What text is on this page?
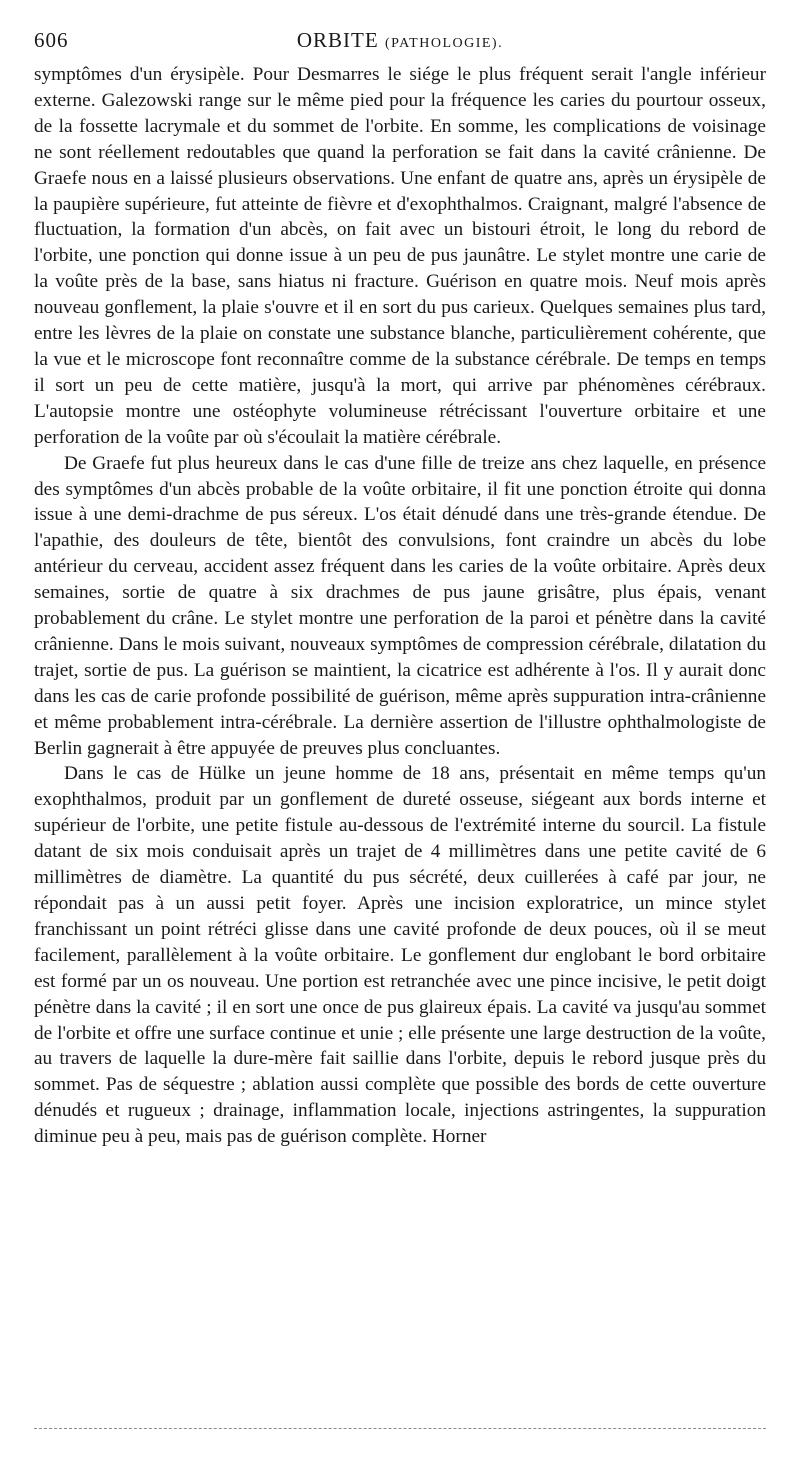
606	ORBITE (PATHOLOGIE).

symptômes d'un érysipèle. Pour Desmarres le siége le plus fréquent serait l'angle inférieur externe. Galezowski range sur le même pied pour la fréquence les caries du pourtour osseux, de la fossette lacrymale et du sommet de l'orbite. En somme, les complications de voisinage ne sont réellement redoutables que quand la perforation se fait dans la cavité crânienne. De Graefe nous en a laissé plusieurs observations. Une enfant de quatre ans, après un érysipèle de la paupière supérieure, fut atteinte de fièvre et d'exophthalmos. Craignant, malgré l'absence de fluctuation, la formation d'un abcès, on fait avec un bistouri étroit, le long du rebord de l'orbite, une ponction qui donne issue à un peu de pus jaunâtre. Le stylet montre une carie de la voûte près de la base, sans hiatus ni fracture. Guérison en quatre mois. Neuf mois après nouveau gonflement, la plaie s'ouvre et il en sort du pus carieux. Quelques semaines plus tard, entre les lèvres de la plaie on constate une substance blanche, particulièrement cohérente, que la vue et le microscope font reconnaître comme de la substance cérébrale. De temps en temps il sort un peu de cette matière, jusqu'à la mort, qui arrive par phénomènes cérébraux. L'autopsie montre une ostéophyte volumineuse rétrécissant l'ouverture orbitaire et une perforation de la voûte par où s'écoulait la matière cérébrale.

De Graefe fut plus heureux dans le cas d'une fille de treize ans chez laquelle, en présence des symptômes d'un abcès probable de la voûte orbitaire, il fit une ponction étroite qui donna issue à une demi-drachme de pus séreux. L'os était dénudé dans une très-grande étendue. De l'apathie, des douleurs de tête, bientôt des convulsions, font craindre un abcès du lobe antérieur du cerveau, accident assez fréquent dans les caries de la voûte orbitaire. Après deux semaines, sortie de quatre à six drachmes de pus jaune grisâtre, plus épais, venant probablement du crâne. Le stylet montre une perforation de la paroi et pénètre dans la cavité crânienne. Dans le mois suivant, nouveaux symptômes de compression cérébrale, dilatation du trajet, sortie de pus. La guérison se maintient, la cicatrice est adhérente à l'os. Il y aurait donc dans les cas de carie profonde possibilité de guérison, même après suppuration intra-crânienne et même probablement intra-cérébrale. La dernière assertion de l'illustre ophthalmologiste de Berlin gagnerait à être appuyée de preuves plus concluantes.

Dans le cas de Hülke un jeune homme de 18 ans, présentait en même temps qu'un exophthalmos, produit par un gonflement de dureté osseuse, siégeant aux bords interne et supérieur de l'orbite, une petite fistule au-dessous de l'extrémité interne du sourcil. La fistule datant de six mois conduisait après un trajet de 4 millimètres dans une petite cavité de 6 millimètres de diamètre. La quantité du pus sécrété, deux cuillerées à café par jour, ne répondait pas à un aussi petit foyer. Après une incision exploratrice, un mince stylet franchissant un point rétréci glisse dans une cavité profonde de deux pouces, où il se meut facilement, parallèlement à la voûte orbitaire. Le gonflement dur englobant le bord orbitaire est formé par un os nouveau. Une portion est retranchée avec une pince incisive, le petit doigt pénètre dans la cavité ; il en sort une once de pus glaireux épais. La cavité va jusqu'au sommet de l'orbite et offre une surface continue et unie ; elle présente une large destruction de la voûte, au travers de laquelle la dure-mère fait saillie dans l'orbite, depuis le rebord jusque près du sommet. Pas de séquestre ; ablation aussi complète que possible des bords de cette ouverture dénudés et rugueux ; drainage, inflammation locale, injections astringentes, la suppuration diminue peu à peu, mais pas de guérison complète. Horner
